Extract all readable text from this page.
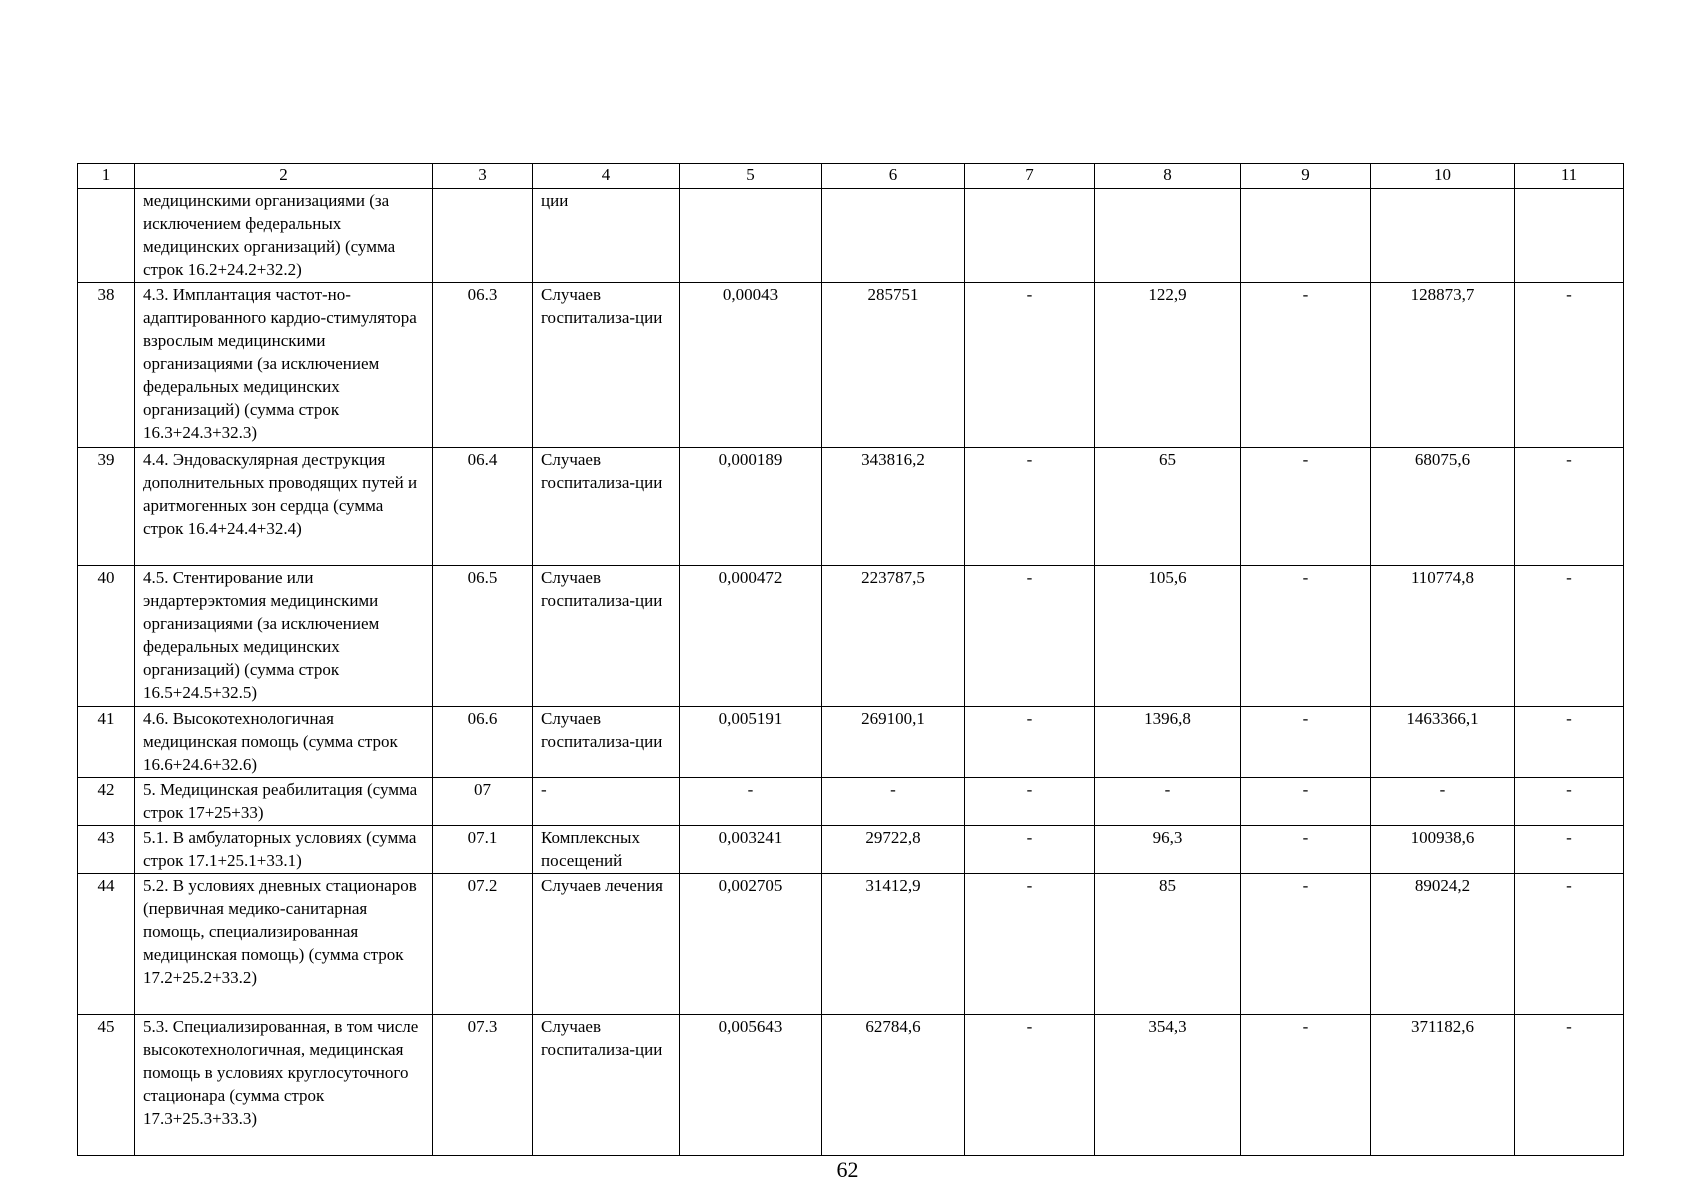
1	2	3	4	5	6	7	8	9	10	11
	медицинскими организациями (за исключением федеральных медицинских организаций) (сумма строк 16.2+24.2+32.2)		ции							
38	4.3. Имплантация частот-но-адаптированного кардио-стимулятора взрослым медицинскими организациями (за исключением федеральных медицинских организаций) (сумма строк 16.3+24.3+32.3)	06.3	Случаев госпитализа-ции	0,00043	285751	-	122,9	-	128873,7	-
39	4.4. Эндоваскулярная деструкция дополнительных проводящих путей и аритмогенных зон сердца (сумма строк 16.4+24.4+32.4)	06.4	Случаев госпитализа-ции	0,000189	343816,2	-	65	-	68075,6	-
40	4.5. Стентирование или эндартерэктомия медицинскими организациями (за исключением федеральных медицинских организаций) (сумма строк 16.5+24.5+32.5)	06.5	Случаев госпитализа-ции	0,000472	223787,5	-	105,6	-	110774,8	-
41	4.6. Высокотехнологичная медицинская помощь (сумма строк 16.6+24.6+32.6)	06.6	Случаев госпитализа-ции	0,005191	269100,1	-	1396,8	-	1463366,1	-
42	5. Медицинская реабилитация (сумма строк 17+25+33)	07	-	-	-	-	-	-	-	-
43	5.1. В амбулаторных условиях (сумма строк 17.1+25.1+33.1)	07.1	Комплексных посещений	0,003241	29722,8	-	96,3	-	100938,6	-
44	5.2. В условиях дневных стационаров (первичная медико-санитарная помощь, специализированная медицинская помощь) (сумма строк 17.2+25.2+33.2)	07.2	Случаев лечения	0,002705	31412,9	-	85	-	89024,2	-
45	5.3. Специализированная, в том числе высокотехнологичная, медицинская помощь в условиях круглосуточного стационара (сумма строк 17.3+25.3+33.3)	07.3	Случаев госпитализа-ции	0,005643	62784,6	-	354,3	-	371182,6	-
62
